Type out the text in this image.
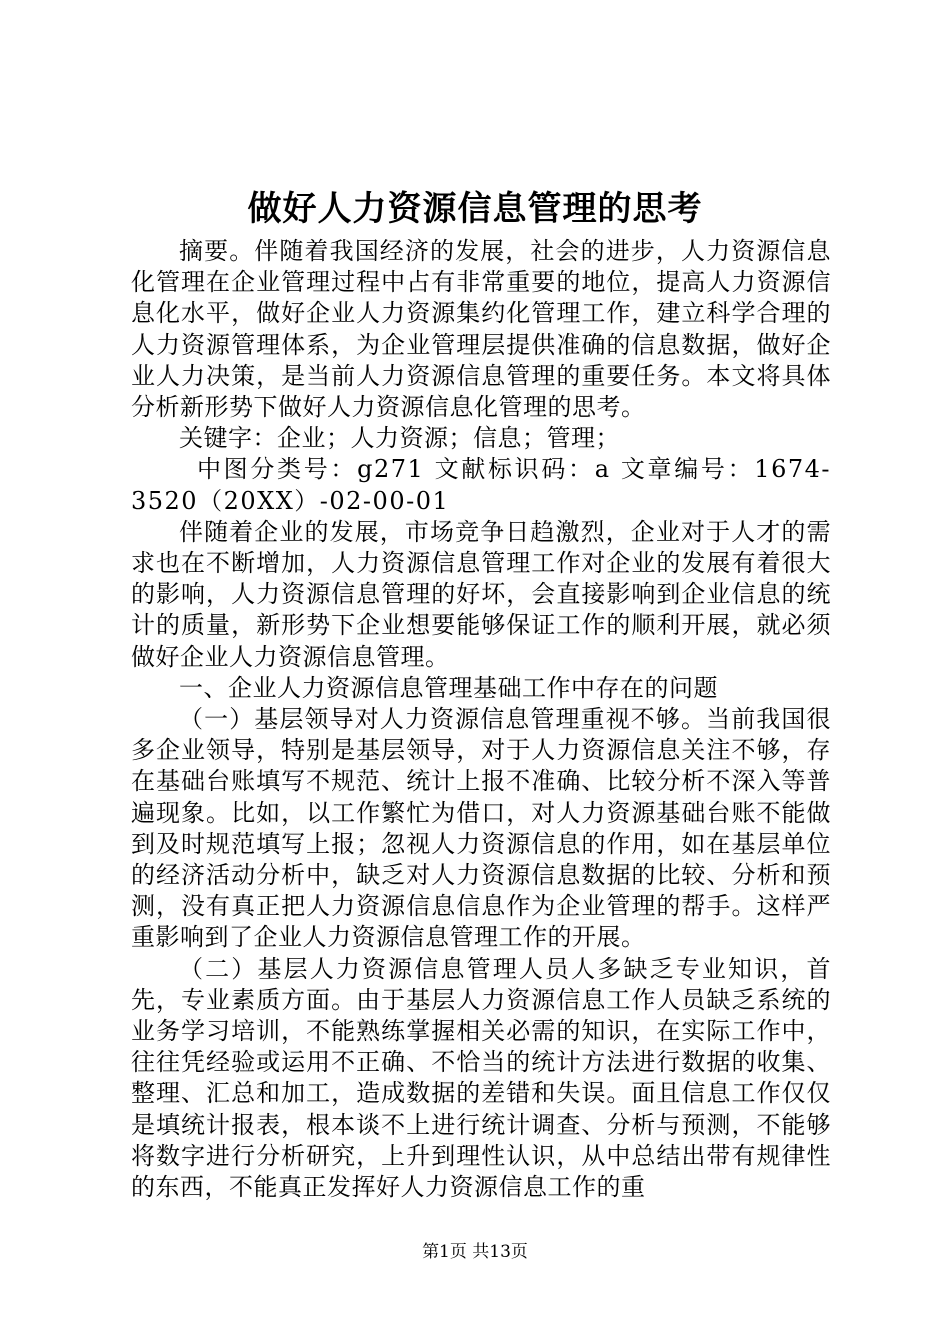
做好人力资源信息管理的思考

摘要。伴随着我国经济的发展，社会的进步，人力资源信息化管理在企业管理过程中占有非常重要的地位，提高人力资源信息化水平，做好企业人力资源集约化管理工作，建立科学合理的人力资源管理体系，为企业管理层提供准确的信息数据，做好企业人力决策，是当前人力资源信息管理的重要任务。本文将具体分析新形势下做好人力资源信息化管理的思考。

关键字：企业；人力资源；信息；管理；

中图分类号：g271 文献标识码：a 文章编号：1674-3520（20XX）-02-00-01

伴随着企业的发展，市场竞争日趋激烈，企业对于人才的需求也在不断增加，人力资源信息管理工作对企业的发展有着很大的影响，人力资源信息管理的好坏，会直接影响到企业信息的统计的质量，新形势下企业想要能够保证工作的顺利开展，就必须做好企业人力资源信息管理。

一、企业人力资源信息管理基础工作中存在的问题

（一）基层领导对人力资源信息管理重视不够。当前我国很多企业领导，特别是基层领导，对于人力资源信息关注不够，存在基础台账填写不规范、统计上报不准确、比较分析不深入等普遍现象。比如，以工作繁忙为借口，对人力资源基础台账不能做到及时规范填写上报；忽视人力资源信息的作用，如在基层单位的经济活动分析中，缺乏对人力资源信息数据的比较、分析和预测，没有真正把人力资源信息信息作为企业管理的帮手。这样严重影响到了企业人力资源信息管理工作的开展。

（二）基层人力资源信息管理人员人多缺乏专业知识，首先，专业素质方面。由于基层人力资源信息工作人员缺乏系统的业务学习培训，不能熟练掌握相关必需的知识，在实际工作中，往往凭经验或运用不正确、不恰当的统计方法进行数据的收集、整理、汇总和加工，造成数据的差错和失误。面且信息工作仅仅是填统计报表，根本谈不上进行统计调查、分析与预测，不能够将数字进行分析研究，上升到理性认识，从中总结出带有规律性的东西，不能真正发挥好人力资源信息工作的重

第1页 共13页
